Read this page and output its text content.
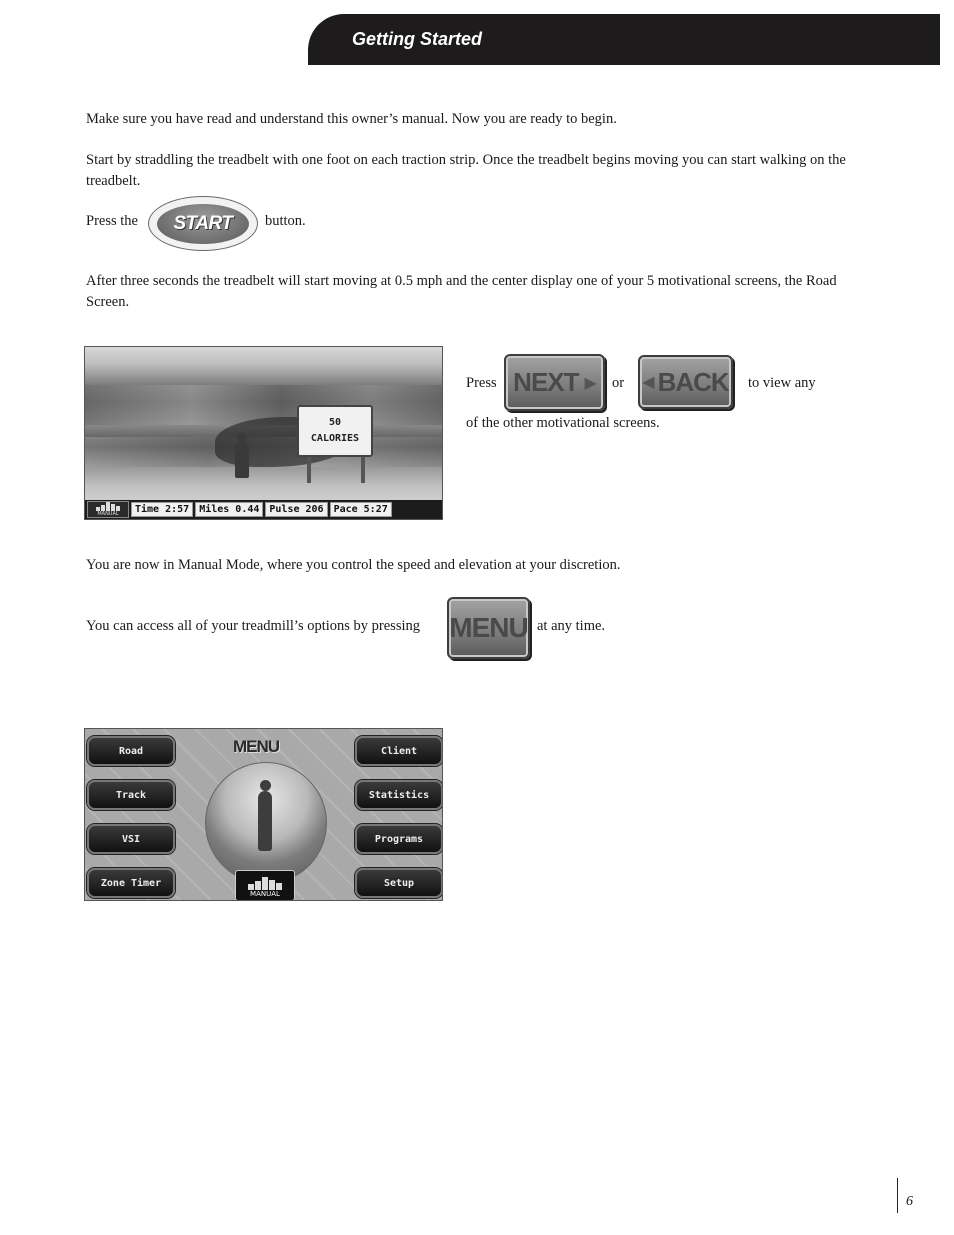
Getting Started

Make sure you have read and understand this owner’s manual. Now you are ready to begin.

Start by straddling the treadbelt with one foot on each traction strip. Once the treadbelt begins moving you can start walking on the treadbelt.

Press the	START	button.

After three seconds the treadbelt will start moving at 0.5 mph and the center display one of your 5 motivational screens, the Road Screen.

50
CALORIES
MANUAL Time 2:57 Miles 0.44 Pulse 206 Pace 5:27
Press NEXT ▶ or ◀ BACK to view any
of the other motivational screens.

You are now in Manual Mode, where you control the speed and elevation at your discretion.

You can access all of your treadmill’s options by pressing MENU at any time.
MENU
Road
Track
VSI
Zone Timer
Client
Statistics
Programs
Setup
MANUAL
6
